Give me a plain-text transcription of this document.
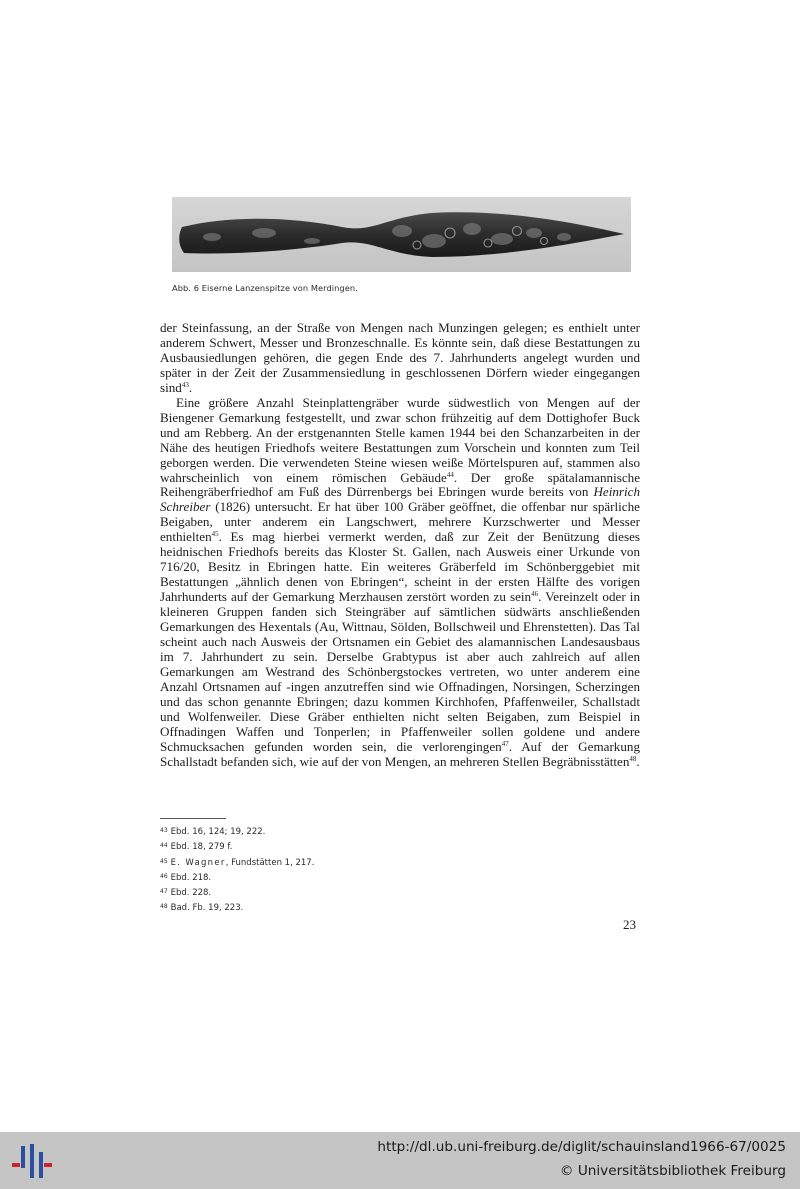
Abb. 6 Eiserne Lanzenspitze von Merdingen.

der Steinfassung, an der Straße von Mengen nach Munzingen gelegen; es enthielt unter anderem Schwert, Messer und Bronzeschnalle. Es könnte sein, daß diese Bestattungen zu Ausbausiedlungen gehören, die gegen Ende des 7. Jahrhunderts angelegt wurden und später in der Zeit der Zusammensiedlung in geschlossenen Dörfern wieder eingegangen sind$^{43}$.

Eine größere Anzahl Steinplattengräber wurde südwestlich von Mengen auf der Biengener Gemarkung festgestellt, und zwar schon frühzeitig auf dem Dottighofer Buck und am Rebberg. An der erstgenannten Stelle kamen 1944 bei den Schanzarbeiten in der Nähe des heutigen Friedhofs weitere Bestattungen zum Vorschein und konnten zum Teil geborgen werden. Die verwendeten Steine wiesen weiße Mörtelspuren auf, stammen also wahrscheinlich von einem römischen Gebäude$^{44}$. Der große spätalamannische Reihengräberfriedhof am Fuß des Dürrenbergs bei Ebringen wurde bereits von Heinrich Schreiber (1826) untersucht. Er hat über 100 Gräber geöffnet, die offenbar nur spärliche Beigaben, unter anderem ein Langschwert, mehrere Kurzschwerter und Messer enthielten$^{45}$. Es mag hierbei vermerkt werden, daß zur Zeit der Benützung dieses heidnischen Friedhofs bereits das Kloster St. Gallen, nach Ausweis einer Urkunde von 716/20, Besitz in Ebringen hatte. Ein weiteres Gräberfeld im Schönberggebiet mit Bestattungen „ähnlich denen von Ebringen“, scheint in der ersten Hälfte des vorigen Jahrhunderts auf der Gemarkung Merzhausen zerstört worden zu sein$^{46}$. Vereinzelt oder in kleineren Gruppen fanden sich Steingräber auf sämtlichen südwärts anschließenden Gemarkungen des Hexentals (Au, Wittnau, Sölden, Bollschweil und Ehrenstetten). Das Tal scheint auch nach Ausweis der Ortsnamen ein Gebiet des alamannischen Landesausbaus im 7. Jahrhundert zu sein. Derselbe Grabtypus ist aber auch zahlreich auf allen Gemarkungen am Westrand des Schönbergstockes vertreten, wo unter anderem eine Anzahl Ortsnamen auf -ingen anzutreffen sind wie Offnadingen, Norsingen, Scherzingen und das schon genannte Ebringen; dazu kommen Kirchhofen, Pfaffenweiler, Schallstadt und Wolfenweiler. Diese Gräber enthielten nicht selten Beigaben, zum Beispiel in Offnadingen Waffen und Tonperlen; in Pfaffenweiler sollen goldene und andere Schmucksachen gefunden worden sein, die verlorengingen$^{47}$. Auf der Gemarkung Schallstadt befanden sich, wie auf der von Mengen, an mehreren Stellen Begräbnisstätten$^{48}$.

$^{43}$ Ebd. 16, 124; 19, 222.
$^{44}$ Ebd. 18, 279 f.
$^{45}$ E. Wagner, Fundstätten 1, 217.
$^{46}$ Ebd. 218.
$^{47}$ Ebd. 228.
$^{48}$ Bad. Fb. 19, 223.
23
http://dl.ub.uni-freiburg.de/diglit/schauinsland1966-67/0025
© Universitätsbibliothek Freiburg
